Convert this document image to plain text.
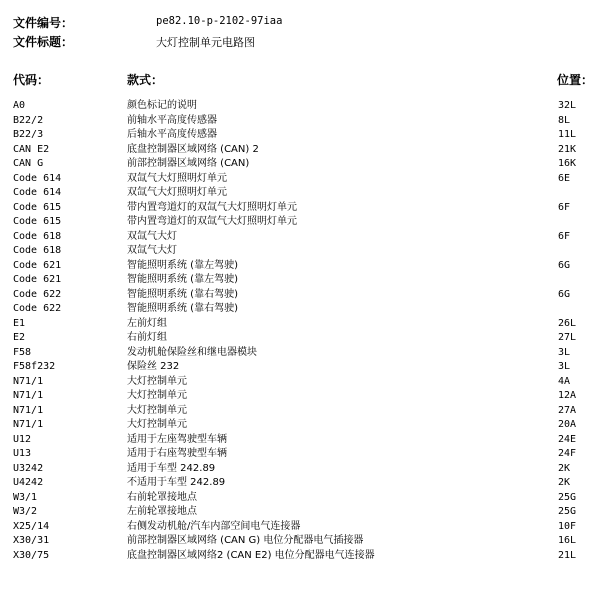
文件编号：	pe82.10-p-2102-97iaa
文件标题：	大灯控制单元电路图
代码：	款式：	位置：
A0	颜色标记的说明	32L
B22/2	前轴水平高度传感器	8L
B22/3	后轴水平高度传感器	11L
CAN E2	底盘控制器区域网络 (CAN) 2	21K
CAN G	前部控制器区域网络 (CAN)	16K
Code 614	双氙气大灯照明灯单元	6E
Code 614	双氙气大灯照明灯单元
Code 615	带内置弯道灯的双氙气大灯照明灯单元	6F
Code 615	带内置弯道灯的双氙气大灯照明灯单元
Code 618	双氙气大灯	6F
Code 618	双氙气大灯
Code 621	智能照明系统 (靠左驾驶)	6G
Code 621	智能照明系统 (靠左驾驶)
Code 622	智能照明系统 (靠右驾驶)	6G
Code 622	智能照明系统 (靠右驾驶)
E1	左前灯组	26L
E2	右前灯组	27L
F58	发动机舱保险丝和继电器模块	3L
F58f232	保险丝 232	3L
N71/1	大灯控制单元	4A
N71/1	大灯控制单元	12A
N71/1	大灯控制单元	27A
N71/1	大灯控制单元	20A
U12	适用于左座驾驶型车辆	24E
U13	适用于右座驾驶型车辆	24F
U3242	适用于车型 242.89	2K
U4242	不适用于车型 242.89	2K
W3/1	右前轮罩接地点	25G
W3/2	左前轮罩接地点	25G
X25/14	右侧发动机舱/汽车内部空间电气连接器	10F
X30/31	前部控制器区域网络 (CAN G) 电位分配器电气插接器	16L
X30/75	底盘控制器区域网络2 (CAN E2) 电位分配器电气连接器	21L
